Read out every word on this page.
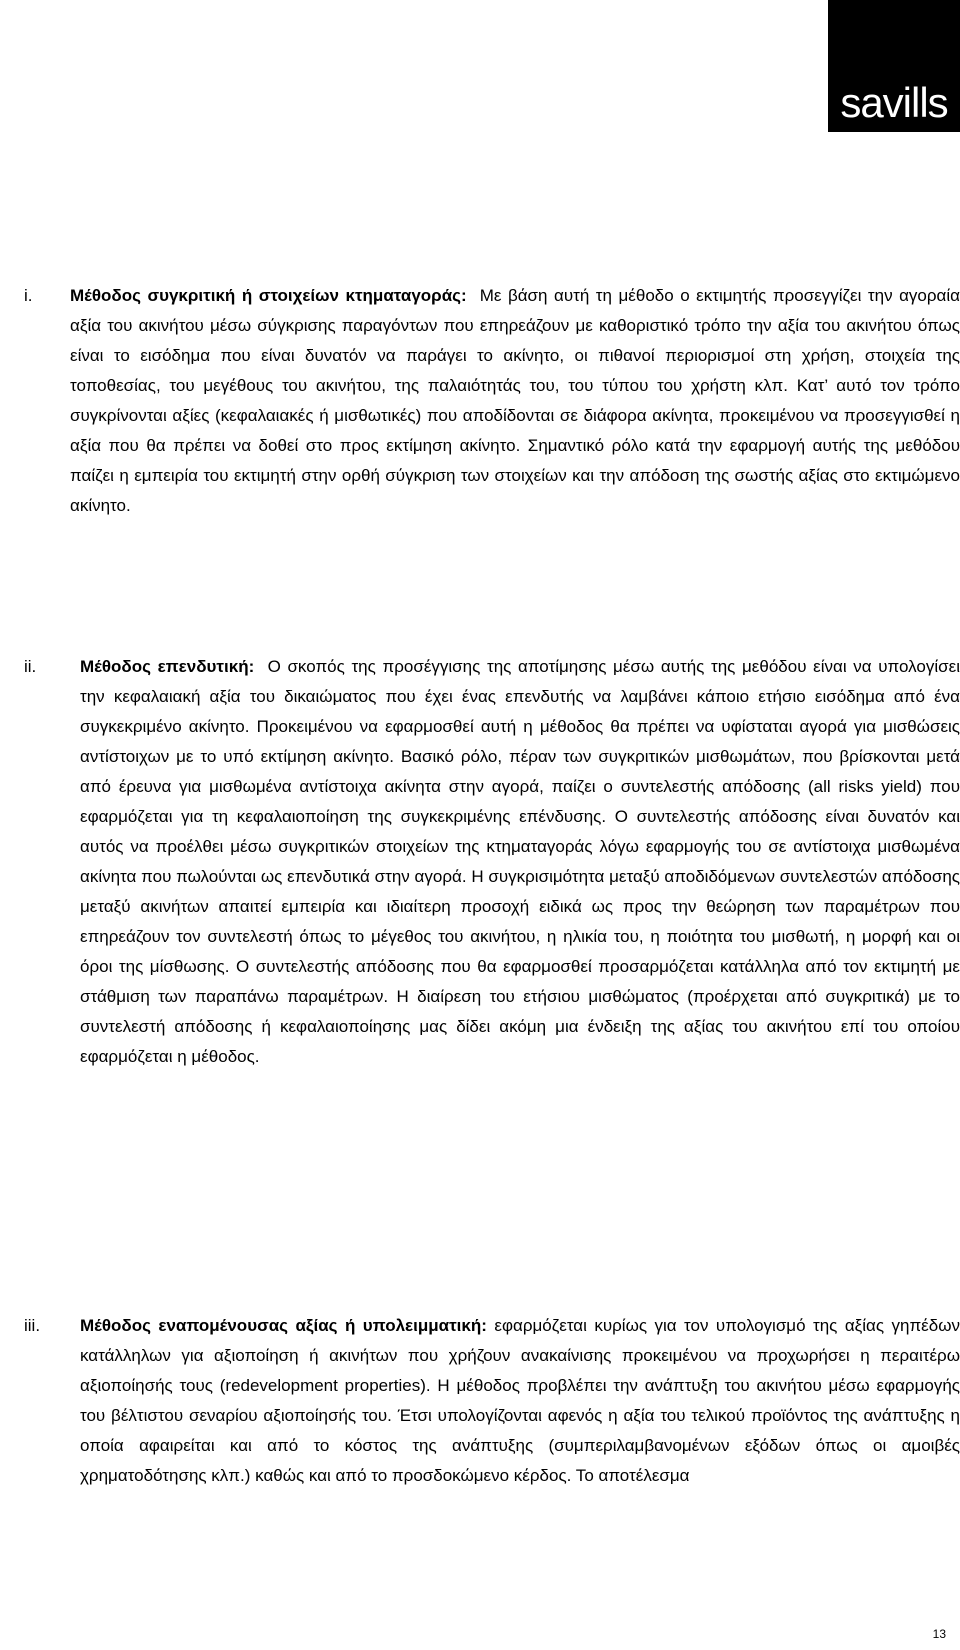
savills
i. Μέθοδος συγκριτική ή στοιχείων κτηματαγοράς: Με βάση αυτή τη μέθοδο ο εκτιμητής προσεγγίζει την αγοραία αξία του ακινήτου μέσω σύγκρισης παραγόντων που επηρεάζουν με καθοριστικό τρόπο την αξία του ακινήτου όπως είναι το εισόδημα που είναι δυνατόν να παράγει το ακίνητο, οι πιθανοί περιορισμοί στη χρήση, στοιχεία της τοποθεσίας, του μεγέθους του ακινήτου, της παλαιότητάς του, του τύπου του χρήστη κλπ. Κατ’ αυτό τον τρόπο συγκρίνονται αξίες (κεφαλαιακές ή μισθωτικές) που αποδίδονται σε διάφορα ακίνητα, προκειμένου να προσεγγισθεί η αξία που θα πρέπει να δοθεί στο προς εκτίμηση ακίνητο. Σημαντικό ρόλο κατά την εφαρμογή αυτής της μεθόδου παίζει η εμπειρία του εκτιμητή στην ορθή σύγκριση των στοιχείων και την απόδοση της σωστής αξίας στο εκτιμώμενο ακίνητο.
ii.	Μέθοδος επενδυτική: Ο σκοπός της προσέγγισης της αποτίμησης μέσω αυτής της μεθόδου είναι να υπολογίσει την κεφαλαιακή αξία του δικαιώματος που έχει ένας επενδυτής να λαμβάνει κάποιο ετήσιο εισόδημα από ένα συγκεκριμένο ακίνητο. Προκειμένου να εφαρμοσθεί αυτή η μέθοδος θα πρέπει να υφίσταται αγορά για μισθώσεις αντίστοιχων με το υπό εκτίμηση ακίνητο. Βασικό ρόλο, πέραν των συγκριτικών μισθωμάτων, που βρίσκονται μετά από έρευνα για μισθωμένα αντίστοιχα ακίνητα στην αγορά, παίζει ο συντελεστής απόδοσης (all risks yield) που εφαρμόζεται για τη κεφαλαιοποίηση της συγκεκριμένης επένδυσης. Ο συντελεστής απόδοσης είναι δυνατόν και αυτός να προέλθει μέσω συγκριτικών στοιχείων της κτηματαγοράς λόγω εφαρμογής του σε αντίστοιχα μισθωμένα ακίνητα που πωλούνται ως επενδυτικά στην αγορά. Η συγκρισιμότητα μεταξύ αποδιδόμενων συντελεστών απόδοσης μεταξύ ακινήτων απαιτεί εμπειρία και ιδιαίτερη προσοχή ειδικά ως προς την θεώρηση των παραμέτρων που επηρεάζουν τον συντελεστή όπως το μέγεθος του ακινήτου, η ηλικία του, η ποιότητα του μισθωτή, η μορφή και οι όροι της μίσθωσης. Ο συντελεστής απόδοσης που θα εφαρμοσθεί προσαρμόζεται κατάλληλα από τον εκτιμητή με στάθμιση των παραπάνω παραμέτρων. Η διαίρεση του ετήσιου μισθώματος (προέρχεται από συγκριτικά) με το συντελεστή απόδοσης ή κεφαλαιοποίησης μας δίδει ακόμη μια ένδειξη της αξίας του ακινήτου επί του οποίου εφαρμόζεται η μέθοδος.
iii. Μέθοδος εναπομένουσας αξίας ή υπολειμματική: εφαρμόζεται κυρίως για τον υπολογισμό της αξίας γηπέδων κατάλληλων για αξιοποίηση ή ακινήτων που χρήζουν ανακαίνισης προκειμένου να προχωρήσει η περαιτέρω αξιοποίησής τους (redevelopment properties). Η μέθοδος προβλέπει την ανάπτυξη του ακινήτου μέσω εφαρμογής του βέλτιστου σεναρίου αξιοποίησής του. Έτσι υπολογίζονται αφενός η αξία του τελικού προϊόντος της ανάπτυξης η οποία αφαιρείται και από το κόστος της ανάπτυξης (συμπεριλαμβανομένων εξόδων όπως οι αμοιβές χρηματοδότησης κλπ.) καθώς και από το προσδοκώμενο κέρδος. Το αποτέλεσμα
13
